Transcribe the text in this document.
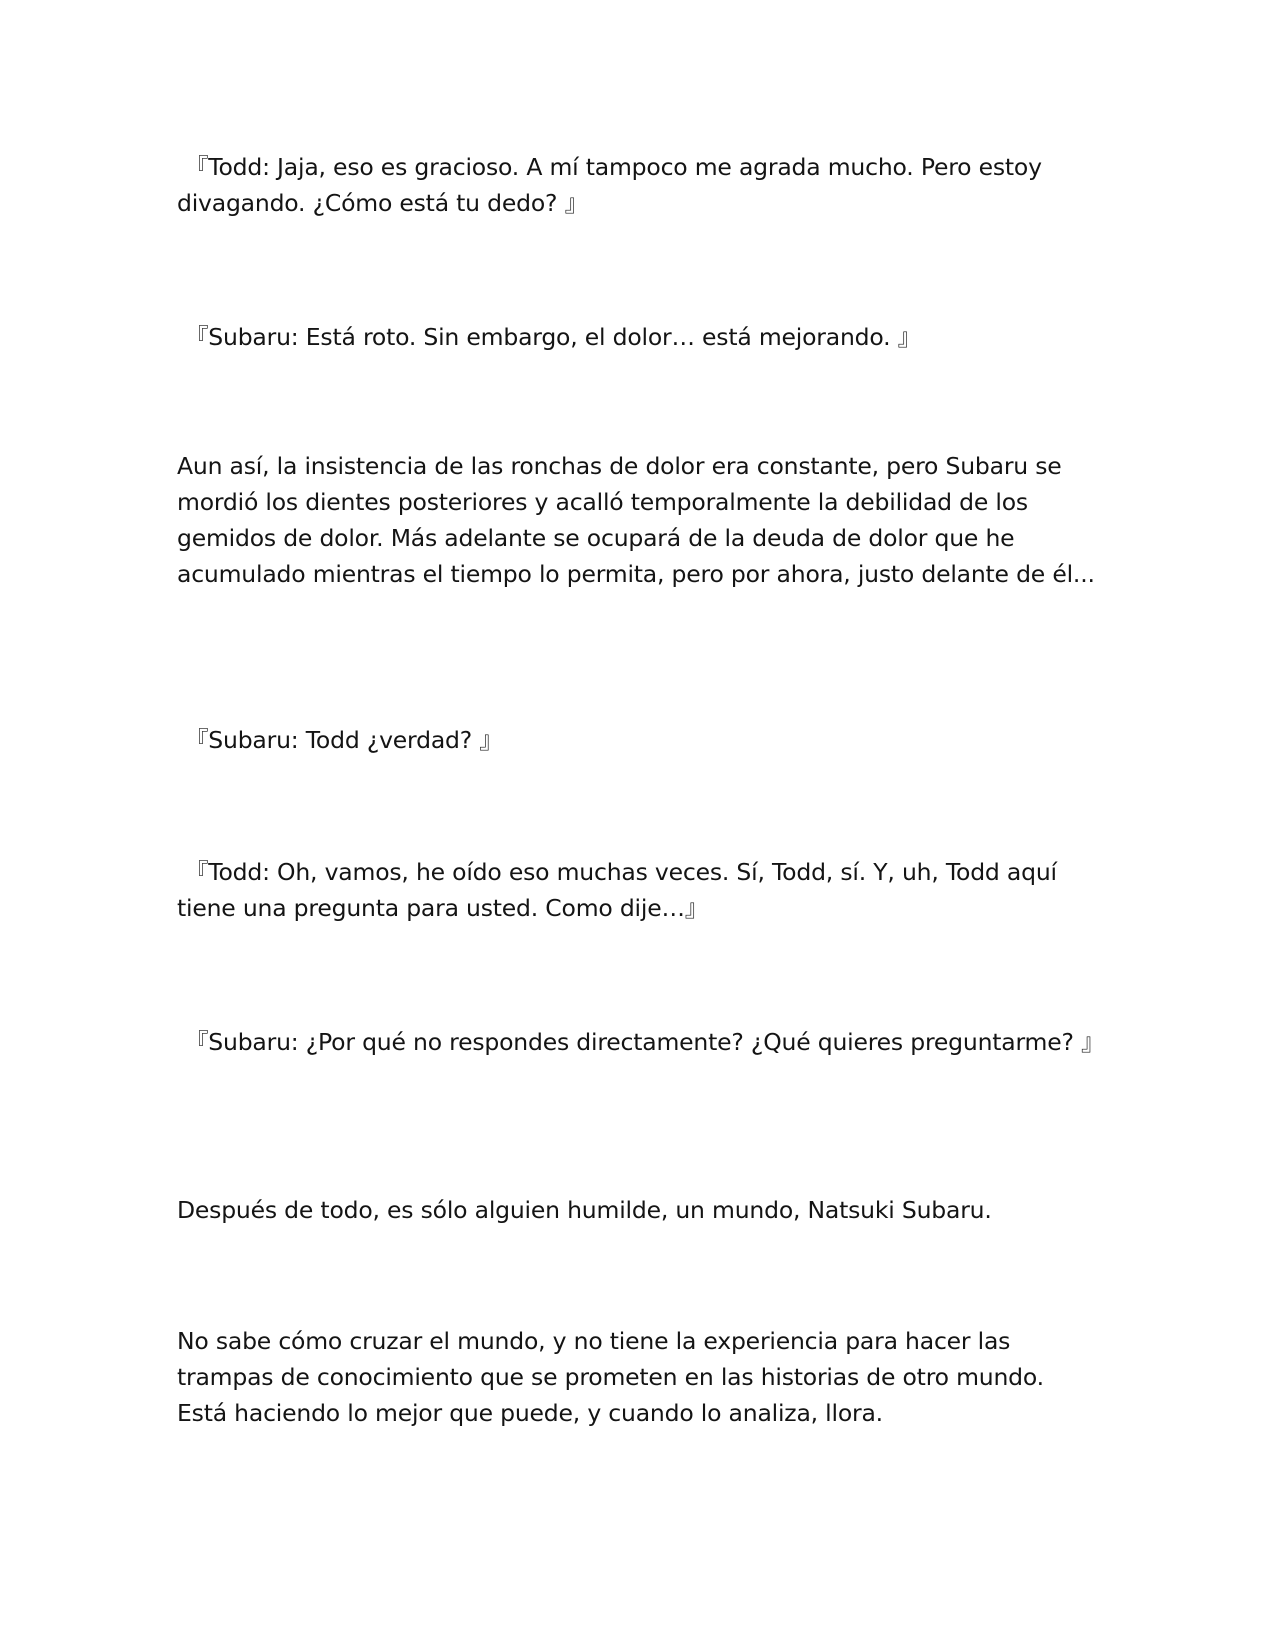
『Todd: Jaja, eso es gracioso. A mí tampoco me agrada mucho. Pero estoy divagando. ¿Cómo está tu dedo? 』

『Subaru: Está roto. Sin embargo, el dolor… está mejorando. 』

Aun así, la insistencia de las ronchas de dolor era constante, pero Subaru se mordió los dientes posteriores y acalló temporalmente la debilidad de los gemidos de dolor. Más adelante se ocupará de la deuda de dolor que he acumulado mientras el tiempo lo permita, pero por ahora, justo delante de él...

『Subaru: Todd ¿verdad? 』

『Todd: Oh, vamos, he oído eso muchas veces. Sí, Todd, sí. Y, uh, Todd aquí tiene una pregunta para usted. Como dije…』

『Subaru: ¿Por qué no respondes directamente? ¿Qué quieres preguntarme? 』

Después de todo, es sólo alguien humilde, un mundo, Natsuki Subaru.

No sabe cómo cruzar el mundo, y no tiene la experiencia para hacer las trampas de conocimiento que se prometen en las historias de otro mundo. Está haciendo lo mejor que puede, y cuando lo analiza, llora.
